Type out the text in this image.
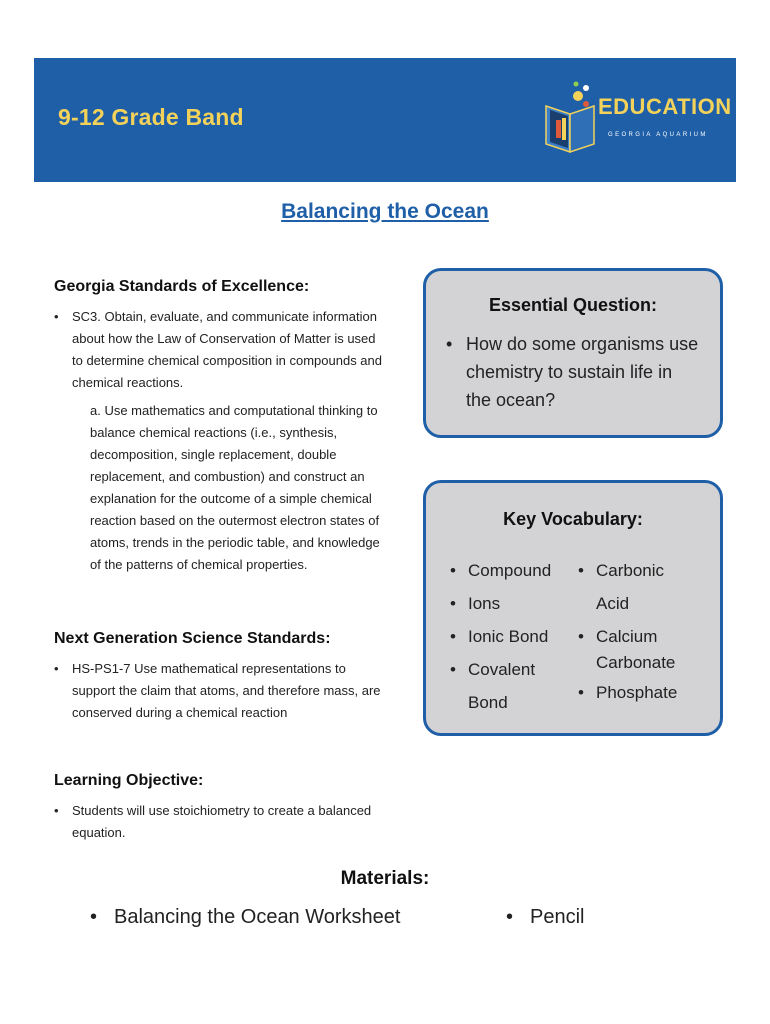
9-12 Grade Band	EDUCATION
GEORGIA AQUARIUM
Balancing the Ocean
Georgia Standards of Excellence:
•	SC3. Obtain, evaluate, and communicate information about how the Law of Conservation of Matter is used to determine chemical composition in compounds and chemical reactions.
a. Use mathematics and computational thinking to balance chemical reactions (i.e., synthesis, decomposition, single replacement, double replacement, and combustion) and construct an explanation for the outcome of a simple chemical reaction based on the outermost electron states of atoms, trends in the periodic table, and knowledge of the patterns of chemical properties.
Next Generation Science Standards:
•	HS-PS1-7 Use mathematical representations to support the claim that atoms, and therefore mass, are conserved during a chemical reaction
Learning Objective:
•	Students will use stoichiometry to create a balanced equation.
Essential Question:
• How do some organisms use chemistry to sustain life in the ocean?
Key Vocabulary:
• Compound
• Ions
• Ionic Bond
• Covalent Bond
• Carbonic Acid
• Calcium Carbonate
• Phosphate
Materials:
• Balancing the Ocean Worksheet	• Pencil
